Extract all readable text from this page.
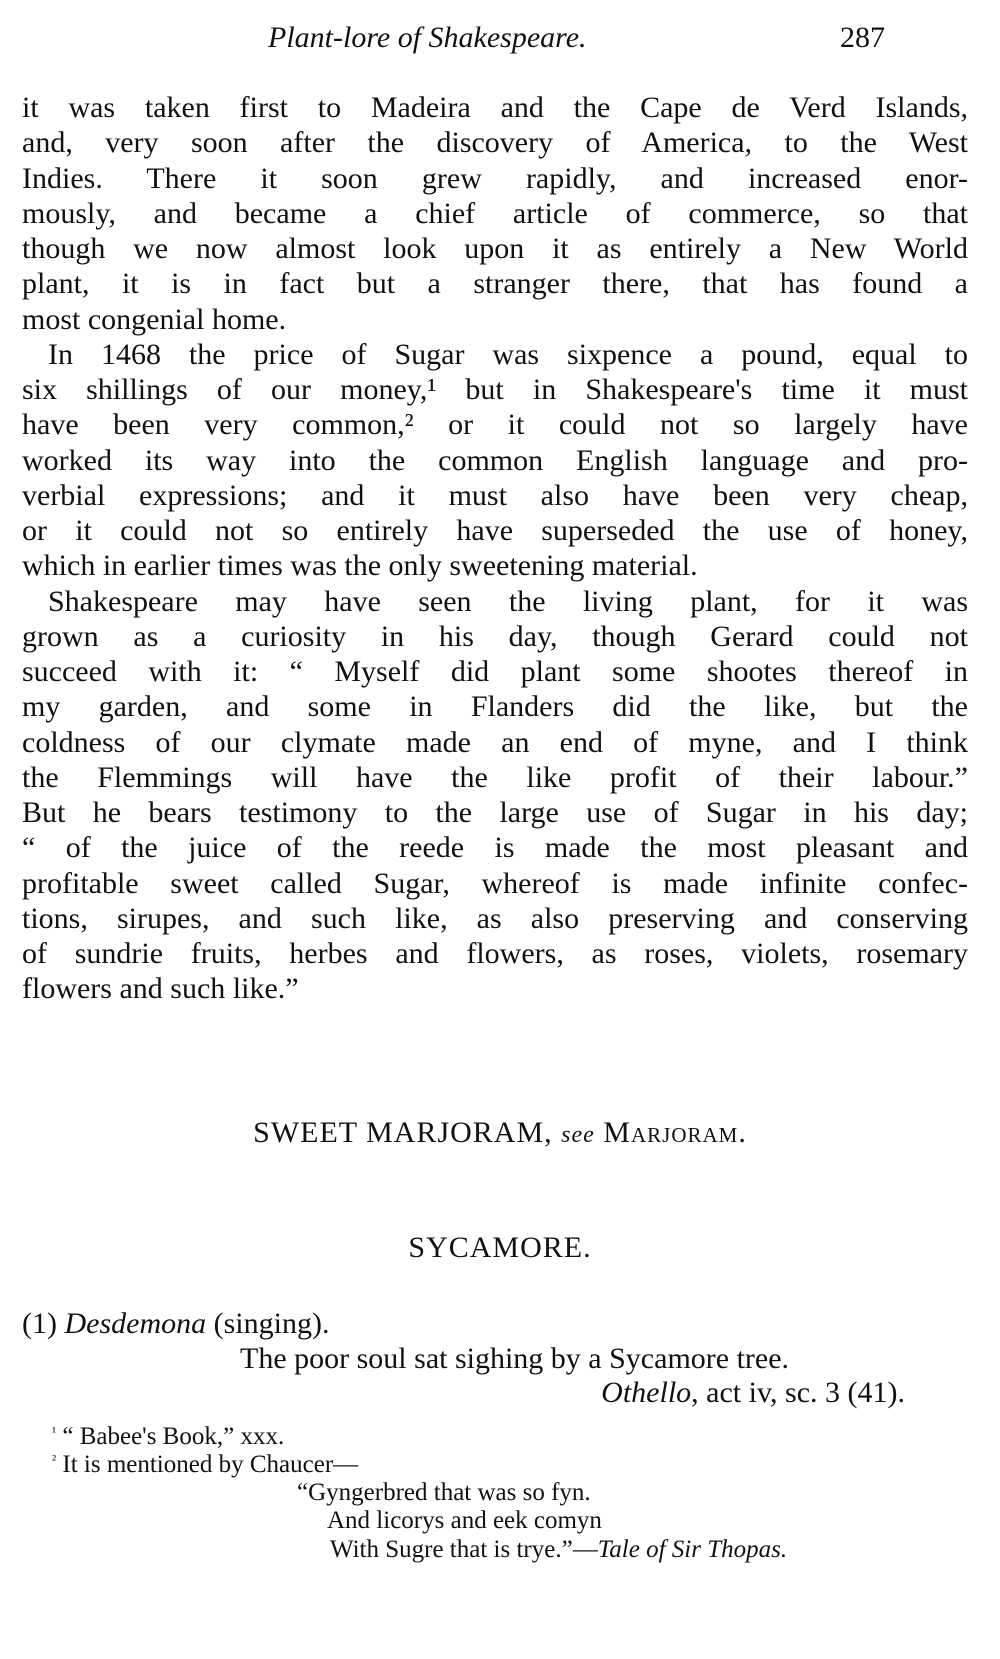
Plant-lore of Shakespeare.	287
it was taken first to Madeira and the Cape de Verd Islands,
and, very soon after the discovery of America, to the West
Indies. There it soon grew rapidly, and increased enor-
mously, and became a chief article of commerce, so that
though we now almost look upon it as entirely a New World
plant, it is in fact but a stranger there, that has found a
most congenial home.
In 1468 the price of Sugar was sixpence a pound, equal to
six shillings of our money,¹ but in Shakespeare's time it must
have been very common,² or it could not so largely have
worked its way into the common English language and pro-
verbial expressions; and it must also have been very cheap,
or it could not so entirely have superseded the use of honey,
which in earlier times was the only sweetening material.
Shakespeare may have seen the living plant, for it was
grown as a curiosity in his day, though Gerard could not
succeed with it: “ Myself did plant some shootes thereof in
my garden, and some in Flanders did the like, but the
coldness of our clymate made an end of myne, and I think
the Flemmings will have the like profit of their labour.”
But he bears testimony to the large use of Sugar in his day;
“ of the juice of the reede is made the most pleasant and
profitable sweet called Sugar, whereof is made infinite confec-
tions, sirupes, and such like, as also preserving and conserving
of sundrie fruits, herbes and flowers, as roses, violets, rosemary
flowers and such like.”
SWEET MARJORAM, see Marjoram.
SYCAMORE.
(1) Desdemona (singing).
The poor soul sat sighing by a Sycamore tree.
Othello, act iv, sc. 3 (41).
$^{^1}$ “ Babee's Book,” xxx.
$^{^2}$ It is mentioned by Chaucer—
“Gyngerbred that was so fyn.
And licorys and eek comyn
With Sugre that is trye.”—Tale of Sir Thopas.
